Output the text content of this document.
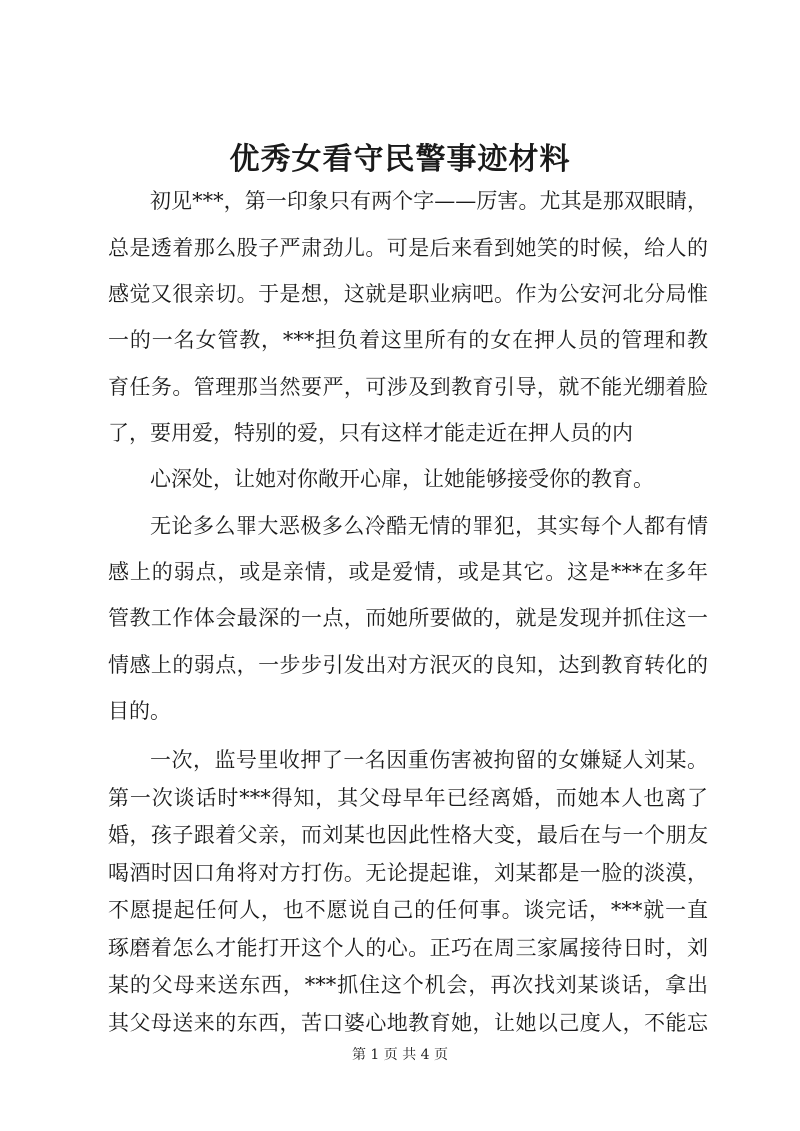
优秀女看守民警事迹材料
初见***，第一印象只有两个字——厉害。尤其是那双眼睛，
总是透着那么股子严肃劲儿。可是后来看到她笑的时候，给人的
感觉又很亲切。于是想，这就是职业病吧。作为公安河北分局惟
一的一名女管教，***担负着这里所有的女在押人员的管理和教
育任务。管理那当然要严，可涉及到教育引导，就不能光绷着脸
了，要用爱，特别的爱，只有这样才能走近在押人员的内
心深处，让她对你敞开心扉，让她能够接受你的教育。
无论多么罪大恶极多么冷酷无情的罪犯，其实每个人都有情
感上的弱点，或是亲情，或是爱情，或是其它。这是***在多年
管教工作体会最深的一点，而她所要做的，就是发现并抓住这一
情感上的弱点，一步步引发出对方泯灭的良知，达到教育转化的
目的。
一次，监号里收押了一名因重伤害被拘留的女嫌疑人刘某。
第一次谈话时***得知，其父母早年已经离婚，而她本人也离了
婚，孩子跟着父亲，而刘某也因此性格大变，最后在与一个朋友
喝酒时因口角将对方打伤。无论提起谁，刘某都是一脸的淡漠，
不愿提起任何人，也不愿说自己的任何事。谈完话，***就一直
琢磨着怎么才能打开这个人的心。正巧在周三家属接待日时，刘
第 1 页 共 4 页
某的父母来送东西，***抓住这个机会，再次找刘某谈话，拿出
其父母送来的东西，苦口婆心地教育她，让她以己度人，不能忘
